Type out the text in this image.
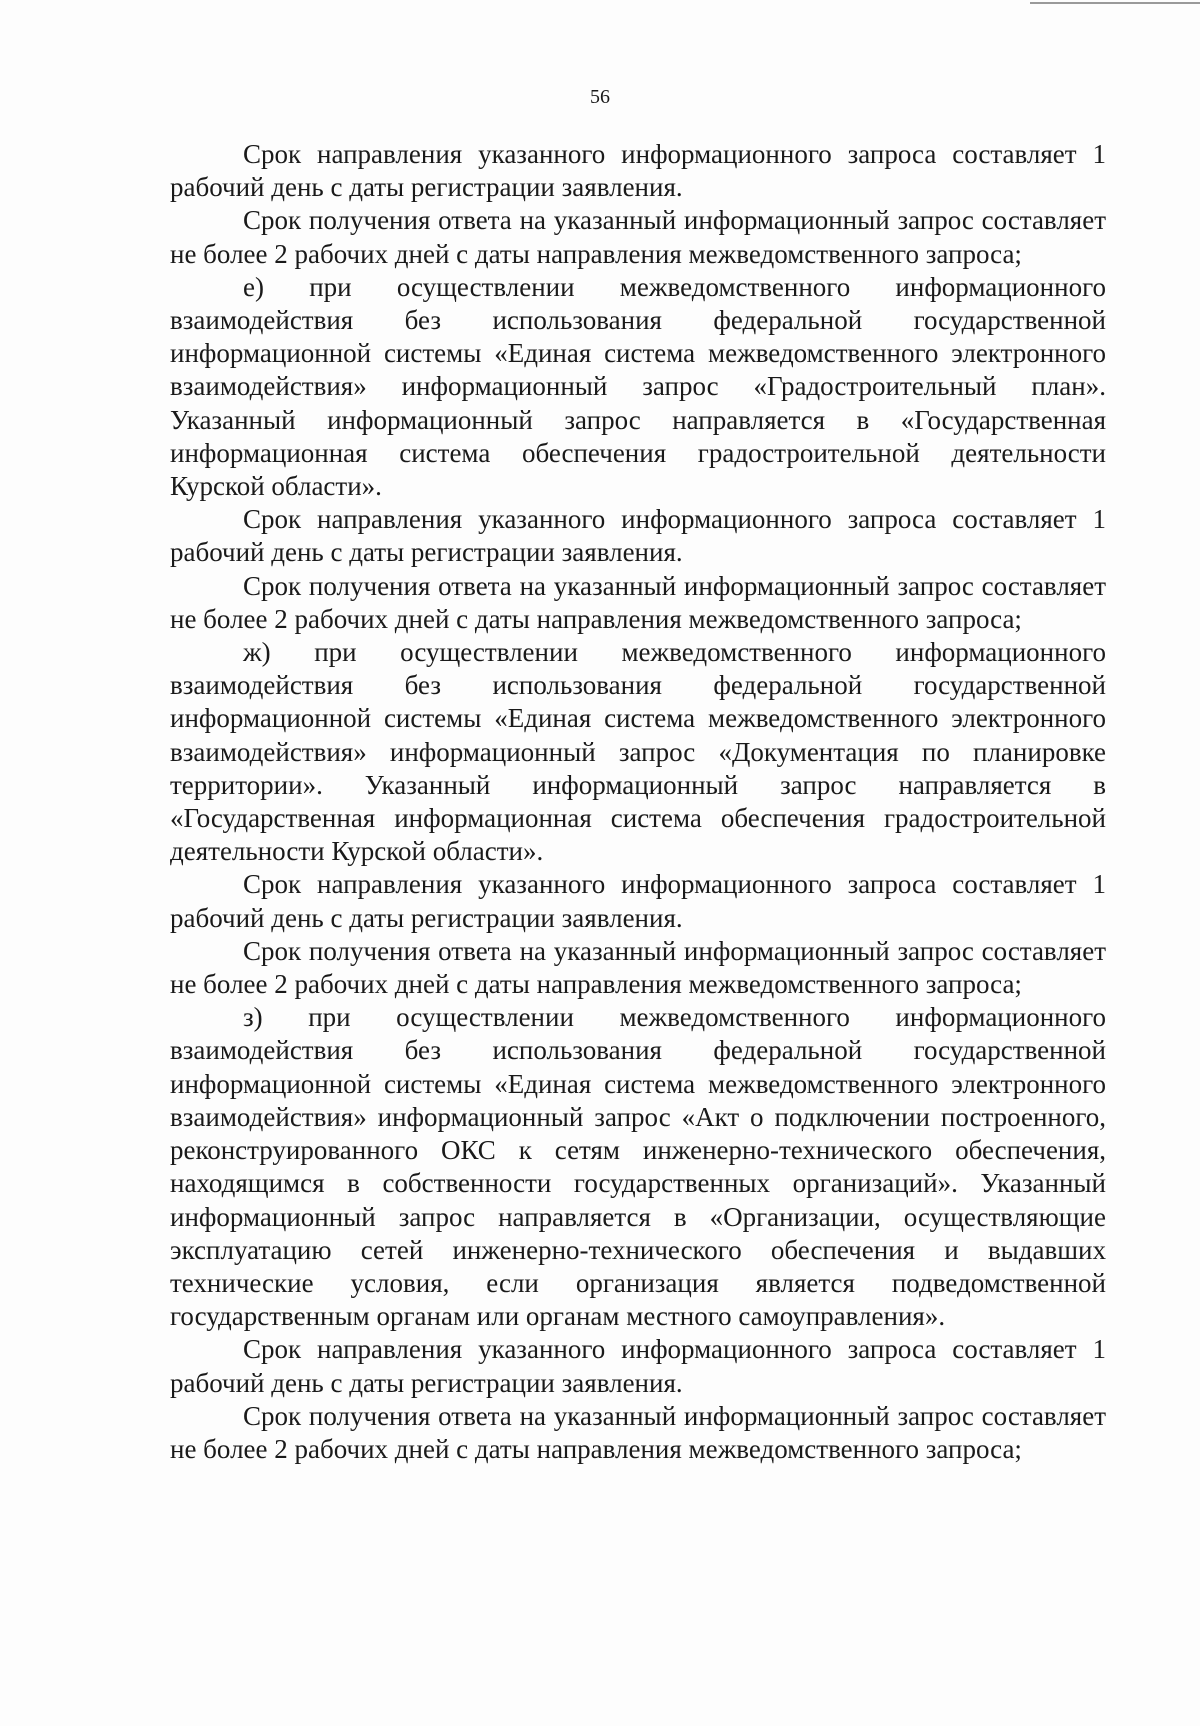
56

Срок направления указанного информационного запроса составляет 1 рабочий день с даты регистрации заявления.

Срок получения ответа на указанный информационный запрос составляет не более 2 рабочих дней с даты направления межведомственного запроса;

е) при осуществлении межведомственного информационного взаимодействия без использования федеральной государственной информационной системы «Единая система межведомственного электронного взаимодействия» информационный запрос «Градостроительный план». Указанный информационный запрос направляется в «Государственная информационная система обеспечения градостроительной деятельности Курской области».

Срок направления указанного информационного запроса составляет 1 рабочий день с даты регистрации заявления.

Срок получения ответа на указанный информационный запрос составляет не более 2 рабочих дней с даты направления межведомственного запроса;

ж) при осуществлении межведомственного информационного взаимодействия без использования федеральной государственной информационной системы «Единая система межведомственного электронного взаимодействия» информационный запрос «Документация по планировке территории». Указанный информационный запрос направляется в «Государственная информационная система обеспечения градостроительной деятельности Курской области».

Срок направления указанного информационного запроса составляет 1 рабочий день с даты регистрации заявления.

Срок получения ответа на указанный информационный запрос составляет не более 2 рабочих дней с даты направления межведомственного запроса;

з) при осуществлении межведомственного информационного взаимодействия без использования федеральной государственной информационной системы «Единая система межведомственного электронного взаимодействия» информационный запрос «Акт о подключении построенного, реконструированного ОКС к сетям инженерно-технического обеспечения, находящимся в собственности государственных организаций». Указанный информационный запрос направляется в «Организации, осуществляющие эксплуатацию сетей инженерно-технического обеспечения и выдавших технические условия, если организация является подведомственной государственным органам или органам местного самоуправления».

Срок направления указанного информационного запроса составляет 1 рабочий день с даты регистрации заявления.

Срок получения ответа на указанный информационный запрос составляет не более 2 рабочих дней с даты направления межведомственного запроса;
